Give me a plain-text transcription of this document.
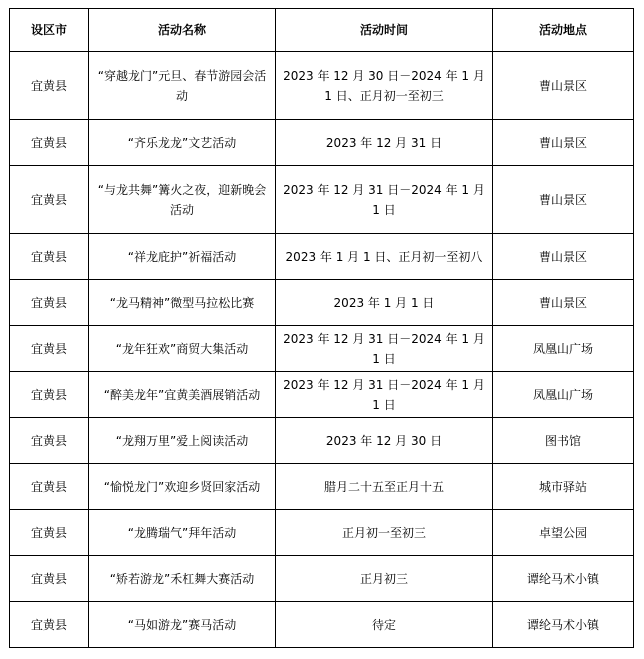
设区市	活动名称	活动时间	活动地点
宜黄县	“穿越龙门”元旦、春节游园会活动	2023 年 12 月 30 日－2024 年 1 月 1 日、正月初一至初三	曹山景区
宜黄县	“齐乐龙龙”文艺活动	2023 年 12 月 31 日	曹山景区
宜黄县	“与龙共舞”篝火之夜，迎新晚会活动	2023 年 12 月 31 日－2024 年 1 月 1 日	曹山景区
宜黄县	“祥龙庇护”祈福活动	2023 年 1 月 1 日、正月初一至初八	曹山景区
宜黄县	“龙马精神”微型马拉松比赛	2023 年 1 月 1 日	曹山景区
宜黄县	“龙年狂欢”商贸大集活动	2023 年 12 月 31 日－2024 年 1 月 1 日	凤凰山广场
宜黄县	“醉美龙年”宜黄美酒展销活动	2023 年 12 月 31 日－2024 年 1 月 1 日	凤凰山广场
宜黄县	“龙翔万里”爱上阅读活动	2023 年 12 月 30 日	图书馆
宜黄县	“愉悦龙门”欢迎乡贤回家活动	腊月二十五至正月十五	城市驿站
宜黄县	“龙腾瑞气”拜年活动	正月初一至初三	卓望公园
宜黄县	“矫若游龙”禾杠舞大赛活动	正月初三	谭纶马术小镇
宜黄县	“马如游龙”赛马活动	待定	谭纶马术小镇
